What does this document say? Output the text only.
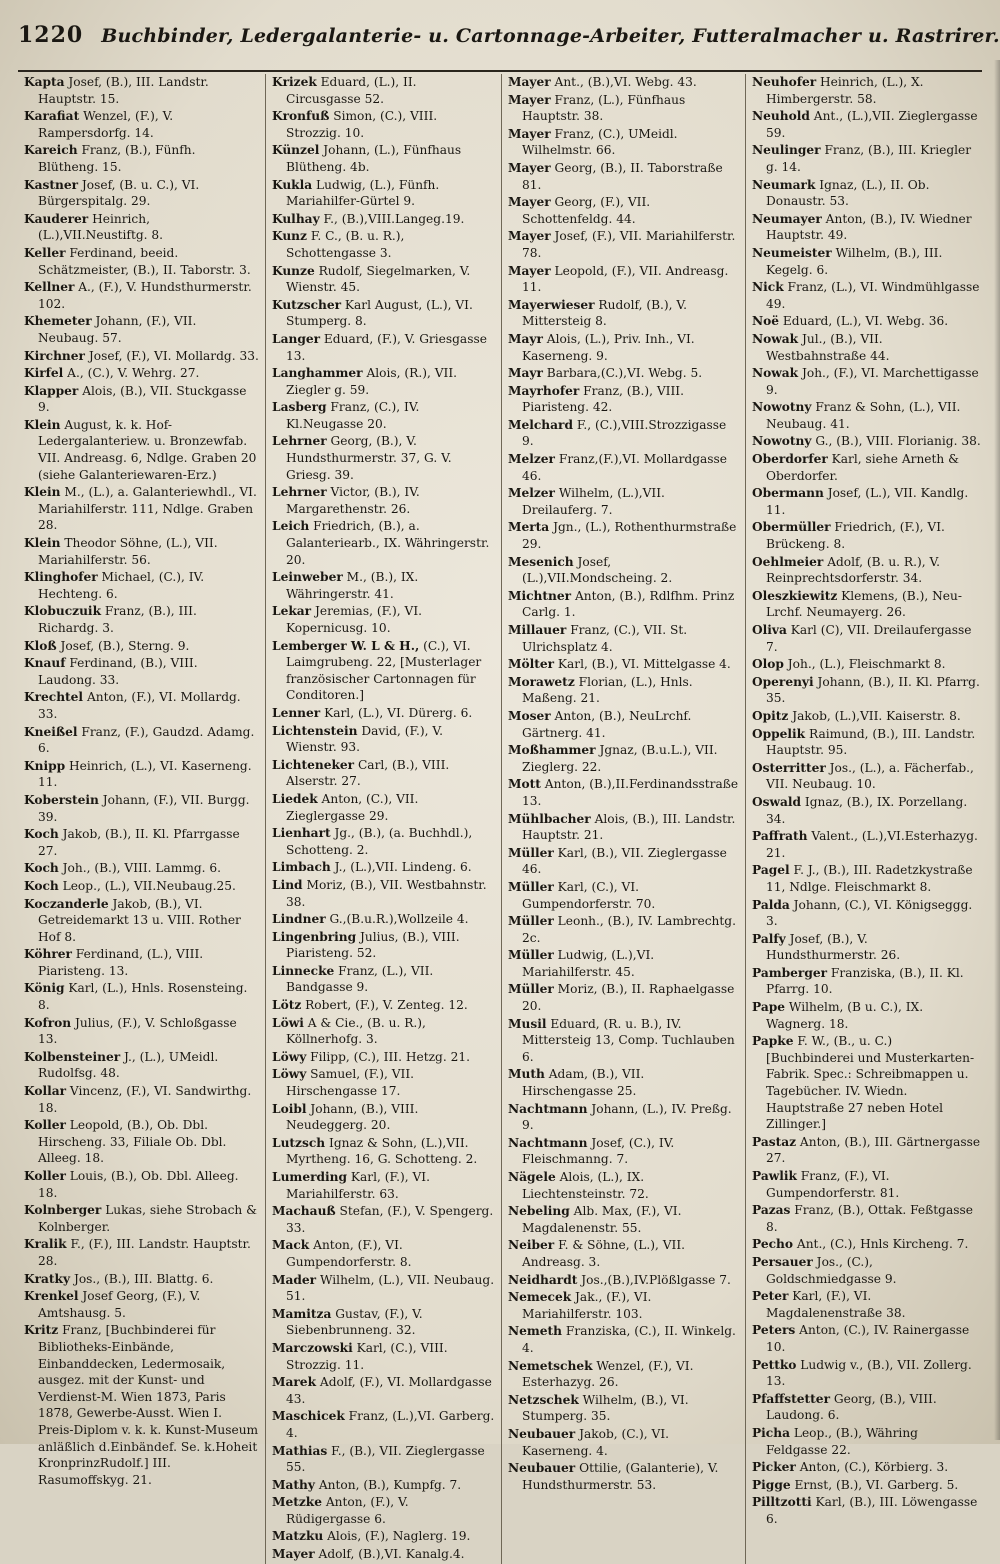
1220 Buchbinder, Ledergalanterie- u. Cartonnage-Arbeiter, Futteralmacher u. Rastrirer.
Kapta Josef, (B.), III. Landstr. Hauptstr. 15.
Karafiat Wenzel, (F.), V. Rampersdorfg. 14.
Kareich Franz, (B.), Fünfh. Blütheng. 15.
Kastner Josef, (B. u. C.), VI. Bürgerspitalg. 29.
Kauderer Heinrich,(L.),VII.Neustiftg. 8.
Keller Ferdinand, beeid. Schätzmeister, (B.), II. Taborstr. 3.
Kellner A., (F.), V. Hundsthurmerstr. 102.
Khemeter Johann, (F.), VII. Neubaug. 57.
Kirchner Josef, (F.), VI. Mollardg. 33.
Kirfel A., (C.), V. Wehrg. 27.
Klapper Alois, (B.), VII. Stuckgasse 9.
Klein August, k. k. Hof-Ledergalanteriew. u. Bronzewfab. VII. Andreasg. 6, Ndlge. Graben 20 (siehe Galanteriewaren-Erz.)
Klein M., (L.), a. Galanteriewhdl., VI. Mariahilferstr. 111, Ndlge. Graben 28.
Klein Theodor Söhne, (L.), VII. Mariahilferstr. 56.
Klinghofer Michael, (C.), IV. Hechteng. 6.
Klobuczuik Franz, (B.), III. Richardg. 3.
Kloß Josef, (B.), Sterng. 9.
Knauf Ferdinand, (B.), VIII. Laudong. 33.
Krechtel Anton, (F.), VI. Mollardg. 33.
Kneißel Franz, (F.), Gaudzd. Adamg. 6.
Knipp Heinrich, (L.), VI. Kaserneng. 11.
Koberstein Johann, (F.), VII. Burgg. 39.
Koch Jakob, (B.), II. Kl. Pfarrgasse 27.
Koch Joh., (B.), VIII. Lammg. 6.
Koch Leop., (L.), VII.Neubaug.25.
Koczanderle Jakob, (B.), VI. Getreidemarkt 13 u. VIII. Rother Hof 8.
Köhrer Ferdinand, (L.), VIII. Piaristeng. 13.
König Karl, (L.), Hnls. Rosensteing. 8.
Kofron Julius, (F.), V. Schloßgasse 13.
Kolbensteiner J., (L.), UMeidl. Rudolfsg. 48.
Kollar Vincenz, (F.), VI. Sandwirthg. 18.
Koller Leopold, (B.), Ob. Dbl. Hirscheng. 33, Filiale Ob. Dbl. Alleeg. 18.
Koller Louis, (B.), Ob. Dbl. Alleeg. 18.
Kolnberger Lukas, siehe Strobach & Kolnberger.
Kralik F., (F.), III. Landstr. Hauptstr. 28.
Kratky Jos., (B.), III. Blattg. 6.
Krenkel Josef Georg, (F.), V. Amtshausg. 5.
Kritz Franz, [Buchbinderei für Bibliotheks-Einbände, Einbanddecken, Ledermosaik, ausgez. mit der Kunst- und Verdienst-M. Wien 1873, Paris 1878, Gewerbe-Ausst. Wien I. Preis-Diplom v. k. k. Kunst-Museum anläßlich d.Einbändef. Se. k.Hoheit KronprinzRudolf.] III. Rasumoffskyg. 21.
Krizek Eduard, (L.), II. Circusgasse 52.
Kronfuß Simon, (C.), VIII. Strozzig. 10.
Künzel Johann, (L.), Fünfhaus Blütheng. 4b.
Kukla Ludwig, (L.), Fünfh. Mariahilfer-Gürtel 9.
Kulhay F., (B.),VIII.Langeg.19.
Kunz F. C., (B. u. R.), Schottengasse 3.
Kunze Rudolf, Siegelmarken, V. Wienstr. 45.
Kutzscher Karl August, (L.), VI. Stumperg. 8.
Langer Eduard, (F.), V. Griesgasse 13.
Langhammer Alois, (R.), VII. Ziegler g. 59.
Lasberg Franz, (C.), IV. Kl.Neugasse 20.
Lehrner Georg, (B.), V. Hundsthurmerstr. 37, G. V. Griesg. 39.
Lehrner Victor, (B.), IV. Margarethenstr. 26.
Leich Friedrich, (B.), a. Galanteriearb., IX. Währingerstr. 20.
Leinweber M., (B.), IX. Währingerstr. 41.
Lekar Jeremias, (F.), VI. Kopernicusg. 10.
Lemberger W. L & H., (C.), VI. Laimgrubeng. 22, [Musterlager französischer Cartonnagen für Conditoren.]
Lenner Karl, (L.), VI. Dürerg. 6.
Lichtenstein David, (F.), V. Wienstr. 93.
Lichteneker Carl, (B.), VIII. Alserstr. 27.
Liedek Anton, (C.), VII. Zieglergasse 29.
Lienhart Jg., (B.), (a. Buchhdl.), Schotteng. 2.
Limbach J., (L.),VII. Lindeng. 6.
Lind Moriz, (B.), VII. Westbahnstr. 38.
Lindner G.,(B.u.R.),Wollzeile 4.
Lingenbring Julius, (B.), VIII. Piaristeng. 52.
Linnecke Franz, (L.), VII. Bandgasse 9.
Lötz Robert, (F.), V. Zenteg. 12.
Löwi A & Cie., (B. u. R.), Köllnerhofg. 3.
Löwy Filipp, (C.), III. Hetzg. 21.
Löwy Samuel, (F.), VII. Hirschengasse 17.
Loibl Johann, (B.), VIII. Neudeggerg. 20.
Lutzsch Ignaz & Sohn, (L.),VII. Myrtheng. 16, G. Schotteng. 2.
Lumerding Karl, (F.), VI. Mariahilferstr. 63.
Machauß Stefan, (F.), V. Spengerg. 33.
Mack Anton, (F.), VI. Gumpendorferstr. 8.
Mader Wilhelm, (L.), VII. Neubaug. 51.
Mamitza Gustav, (F.), V. Siebenbrunneng. 32.
Marczowski Karl, (C.), VIII. Strozzig. 11.
Marek Adolf, (F.), VI. Mollardgasse 43.
Maschicek Franz, (L.),VI. Garberg. 4.
Mathias F., (B.), VII. Zieglergasse 55.
Mathy Anton, (B.), Kumpfg. 7.
Metzke Anton, (F.), V. Rüdigergasse 6.
Matzku Alois, (F.), Naglerg. 19.
Mayer Adolf, (B.),VI. Kanalg.4.
Mayer Ant., (B.),VI. Webg. 43.
Mayer Franz, (L.), Fünfhaus Hauptstr. 38.
Mayer Franz, (C.), UMeidl. Wilhelmstr. 66.
Mayer Georg, (B.), II. Taborstraße 81.
Mayer Georg, (F.), VII. Schottenfeldg. 44.
Mayer Josef, (F.), VII. Mariahilferstr. 78.
Mayer Leopold, (F.), VII. Andreasg. 11.
Mayerwieser Rudolf, (B.), V. Mittersteig 8.
Mayr Alois, (L.), Priv. Inh., VI. Kaserneng. 9.
Mayr Barbara,(C.),VI. Webg. 5.
Mayrhofer Franz, (B.), VIII. Piaristeng. 42.
Melchard F., (C.),VIII.Strozzigasse 9.
Melzer Franz,(F.),VI. Mollardgasse 46.
Melzer Wilhelm, (L.),VII. Dreilauferg. 7.
Merta Jgn., (L.), Rothenthurmstraße 29.
Mesenich Josef,(L.),VII.Mondscheing. 2.
Michtner Anton, (B.), Rdlfhm. Prinz Carlg. 1.
Millauer Franz, (C.), VII. St. Ulrichsplatz 4.
Mölter Karl, (B.), VI. Mittelgasse 4.
Morawetz Florian, (L.), Hnls. Maßeng. 21.
Moser Anton, (B.), NeuLrchf. Gärtnerg. 41.
Moßhammer Jgnaz, (B.u.L.), VII. Zieglerg. 22.
Mott Anton, (B.),II.Ferdinandsstraße 13.
Mühlbacher Alois, (B.), III. Landstr. Hauptstr. 21.
Müller Karl, (B.), VII. Zieglergasse 46.
Müller Karl, (C.), VI. Gumpendorferstr. 70.
Müller Leonh., (B.), IV. Lambrechtg. 2c.
Müller Ludwig, (L.),VI. Mariahilferstr. 45.
Müller Moriz, (B.), II. Raphaelgasse 20.
Musil Eduard, (R. u. B.), IV. Mittersteig 13, Comp. Tuchlauben 6.
Muth Adam, (B.), VII. Hirschengasse 25.
Nachtmann Johann, (L.), IV. Preßg. 9.
Nachtmann Josef, (C.), IV. Fleischmanng. 7.
Nägele Alois, (L.), IX. Liechtensteinstr. 72.
Nebeling Alb. Max, (F.), VI. Magdalenenstr. 55.
Neiber F. & Söhne, (L.), VII. Andreasg. 3.
Neidhardt Jos.,(B.),IV.Plößlgasse 7.
Nemecek Jak., (F.), VI. Mariahilferstr. 103.
Nemeth Franziska, (C.), II. Winkelg. 4.
Nemetschek Wenzel, (F.), VI. Esterhazyg. 26.
Netzschek Wilhelm, (B.), VI. Stumperg. 35.
Neubauer Jakob, (C.), VI. Kaserneng. 4.
Neubauer Ottilie, (Galanterie), V. Hundsthurmerstr. 53.
Neuhofer Heinrich, (L.), X. Himbergerstr. 58.
Neuhold Ant., (L.),VII. Zieglergasse 59.
Neulinger Franz, (B.), III. Kriegler g. 14.
Neumark Ignaz, (L.), II. Ob. Donaustr. 53.
Neumayer Anton, (B.), IV. Wiedner Hauptstr. 49.
Neumeister Wilhelm, (B.), III. Kegelg. 6.
Nick Franz, (L.), VI. Windmühlgasse 49.
Noë Eduard, (L.), VI. Webg. 36.
Nowak Jul., (B.), VII. Westbahnstraße 44.
Nowak Joh., (F.), VI. Marchettigasse 9.
Nowotny Franz & Sohn, (L.), VII. Neubaug. 41.
Nowotny G., (B.), VIII. Florianig. 38.
Oberdorfer Karl, siehe Arneth & Oberdorfer.
Obermann Josef, (L.), VII. Kandlg. 11.
Obermüller Friedrich, (F.), VI. Brückeng. 8.
Oehlmeier Adolf, (B. u. R.), V. Reinprechtsdorferstr. 34.
Oleszkiewitz Klemens, (B.), Neu-Lrchf. Neumayerg. 26.
Oliva Karl (C), VII. Dreilaufergasse 7.
Olop Joh., (L.), Fleischmarkt 8.
Operenyi Johann, (B.), II. Kl. Pfarrg. 35.
Opitz Jakob, (L.),VII. Kaiserstr. 8.
Oppelik Raimund, (B.), III. Landstr. Hauptstr. 95.
Osterritter Jos., (L.), a. Fächerfab., VII. Neubaug. 10.
Oswald Ignaz, (B.), IX. Porzellang. 34.
Paffrath Valent., (L.),VI.Esterhazyg. 21.
Pagel F. J., (B.), III. Radetzkystraße 11, Ndlge. Fleischmarkt 8.
Palda Johann, (C.), VI. Königseggg. 3.
Palfy Josef, (B.), V. Hundsthurmerstr. 26.
Pamberger Franziska, (B.), II. Kl. Pfarrg. 10.
Pape Wilhelm, (B u. C.), IX. Wagnerg. 18.
Papke F. W., (B., u. C.) [Buchbinderei und Musterkarten-Fabrik. Spec.: Schreibmappen u. Tagebücher. IV. Wiedn. Hauptstraße 27 neben Hotel Zillinger.]
Pastaz Anton, (B.), III. Gärtnergasse 27.
Pawlik Franz, (F.), VI. Gumpendorferstr. 81.
Pazas Franz, (B.), Ottak. Feßtgasse 8.
Pecho Ant., (C.), Hnls Kircheng. 7.
Persauer Jos., (C.), Goldschmiedgasse 9.
Peter Karl, (F.), VI. Magdalenenstraße 38.
Peters Anton, (C.), IV. Rainergasse 10.
Pettko Ludwig v., (B.), VII. Zollerg. 13.
Pfaffstetter Georg, (B.), VIII. Laudong. 6.
Picha Leop., (B.), Währing Feldgasse 22.
Picker Anton, (C.), Körbierg. 3.
Pigge Ernst, (B.), VI. Garberg. 5.
Pilltzotti Karl, (B.), III. Löwengasse 6.
